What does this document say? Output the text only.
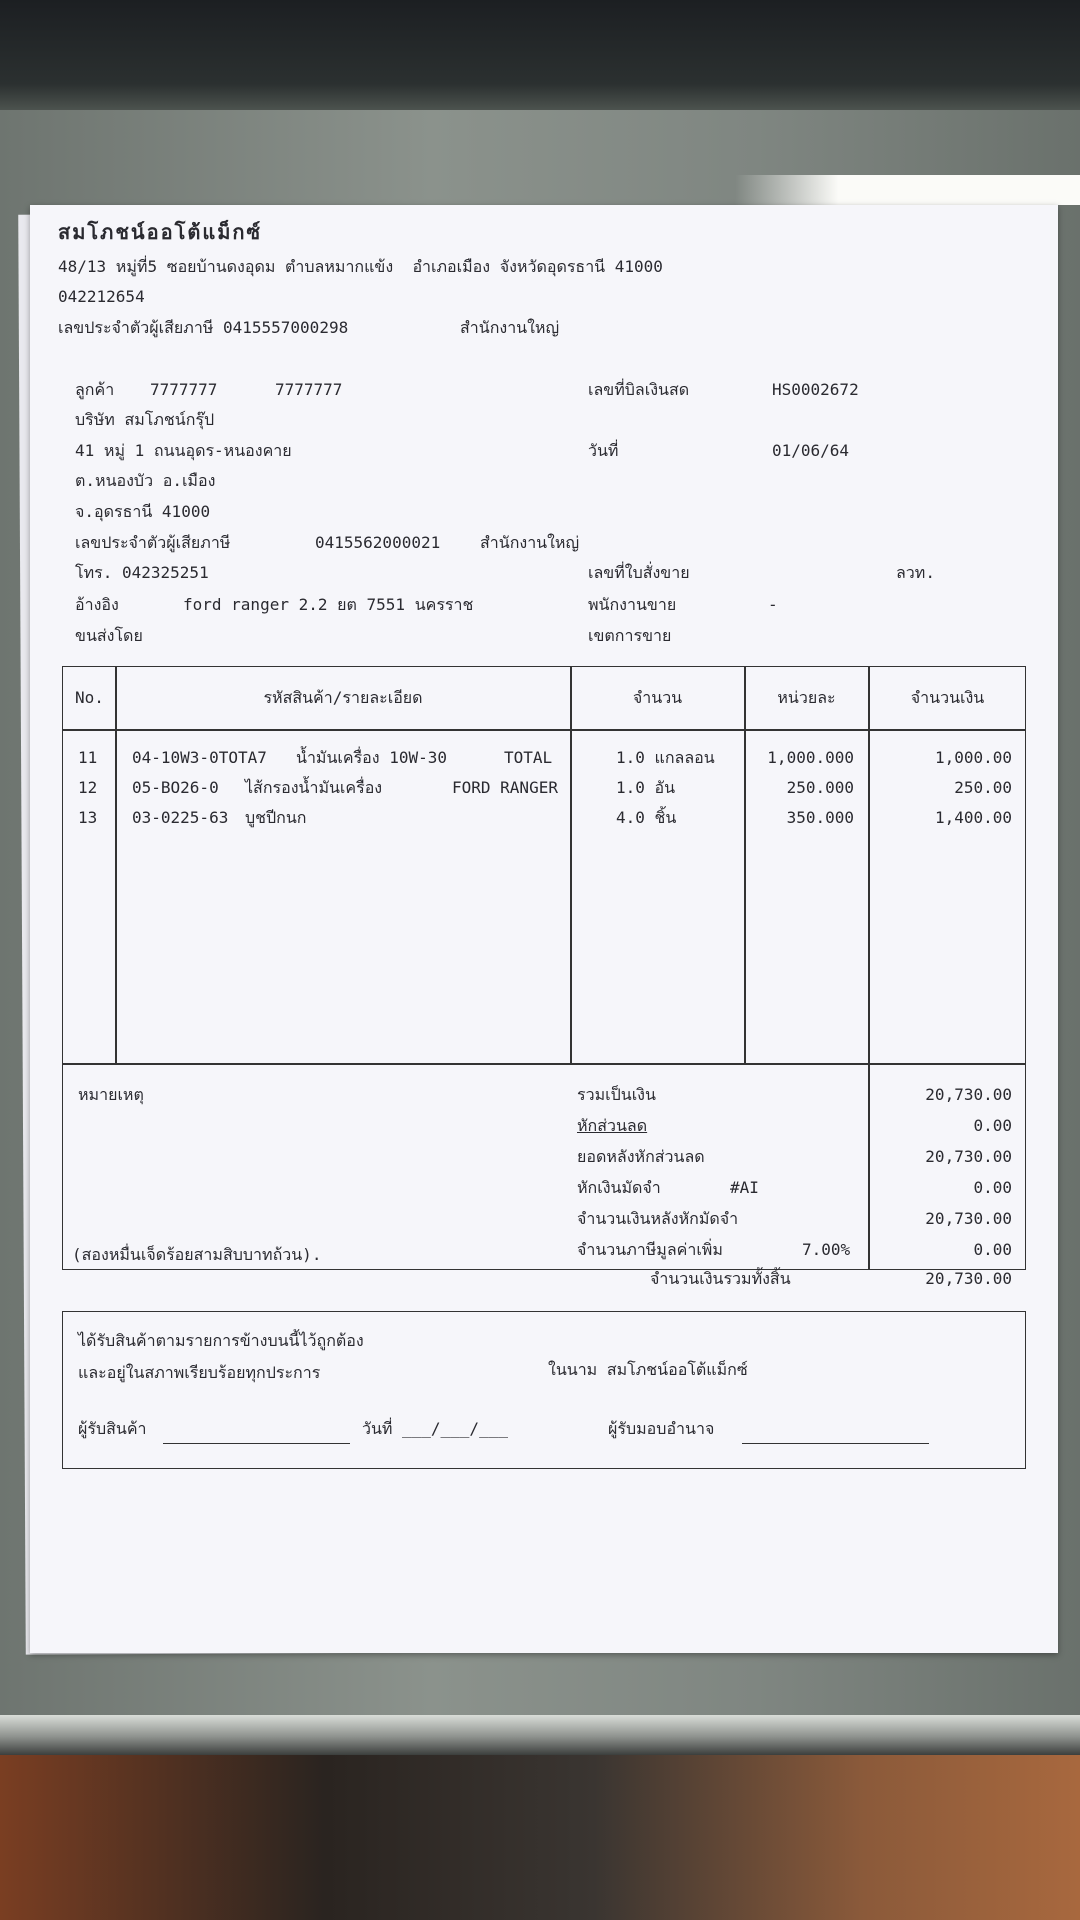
สมโภชน์ออโต้แม็กซ์
48/13 หมู่ที่5 ซอยบ้านดงอุดม ตำบลหมากแข้ง  อำเภอเมือง จังหวัดอุดรธานี 41000
042212654
เลขประจำตัวผู้เสียภาษี 0415557000298	สำนักงานใหญ่
ลูกค้า 7777777	7777777
บริษัท สมโภชน์กรุ๊ป
41 หมู่ 1 ถนนอุดร-หนองคาย
ต.หนองบัว อ.เมือง
จ.อุดรธานี 41000
เลขประจำตัวผู้เสียภาษี	0415562000021 สำนักงานใหญ่
โทร. 042325251
อ้างอิง	ford ranger 2.2 ยต 7551 นครราช
ขนส่งโดย
เลขที่บิลเงินสด	HS0002672
วันที่	01/06/64
เลขที่ใบสั่งขาย	ลวท.
พนักงานขาย	-
เขตการขาย
No.	รหัสสินค้า/รายละเอียด	จำนวน	หน่วยละ	จำนวนเงิน
11 04-10W3-0TOTA7 น้ำมันเครื่อง 10W-30	TOTAL	1.0 แกลลอน	1,000.000	1,000.00
12 05-BO26-0 ไส้กรองน้ำมันเครื่อง	FORD RANGER	1.0 อัน	250.000	250.00
13 03-0225-63 บูชปีกนก	4.0 ชิ้น	350.000	1,400.00
หมายเหตุ
(สองหมื่นเจ็ดร้อยสามสิบบาทถ้วน).
รวมเป็นเงิน	20,730.00
หักส่วนลด	0.00
ยอดหลังหักส่วนลด	20,730.00
หักเงินมัดจำ	#AI	0.00
จำนวนเงินหลังหักมัดจำ	20,730.00
จำนวนภาษีมูลค่าเพิ่ม	7.00%	0.00
จำนวนเงินรวมทั้งสิ้น	20,730.00
ได้รับสินค้าตามรายการข้างบนนี้ไว้ถูกต้อง
และอยู่ในสภาพเรียบร้อยทุกประการ	ในนาม สมโภชน์ออโต้แม็กซ์
ผู้รับสินค้า	วันที่ ___/___/___	ผู้รับมอบอำนาจ
